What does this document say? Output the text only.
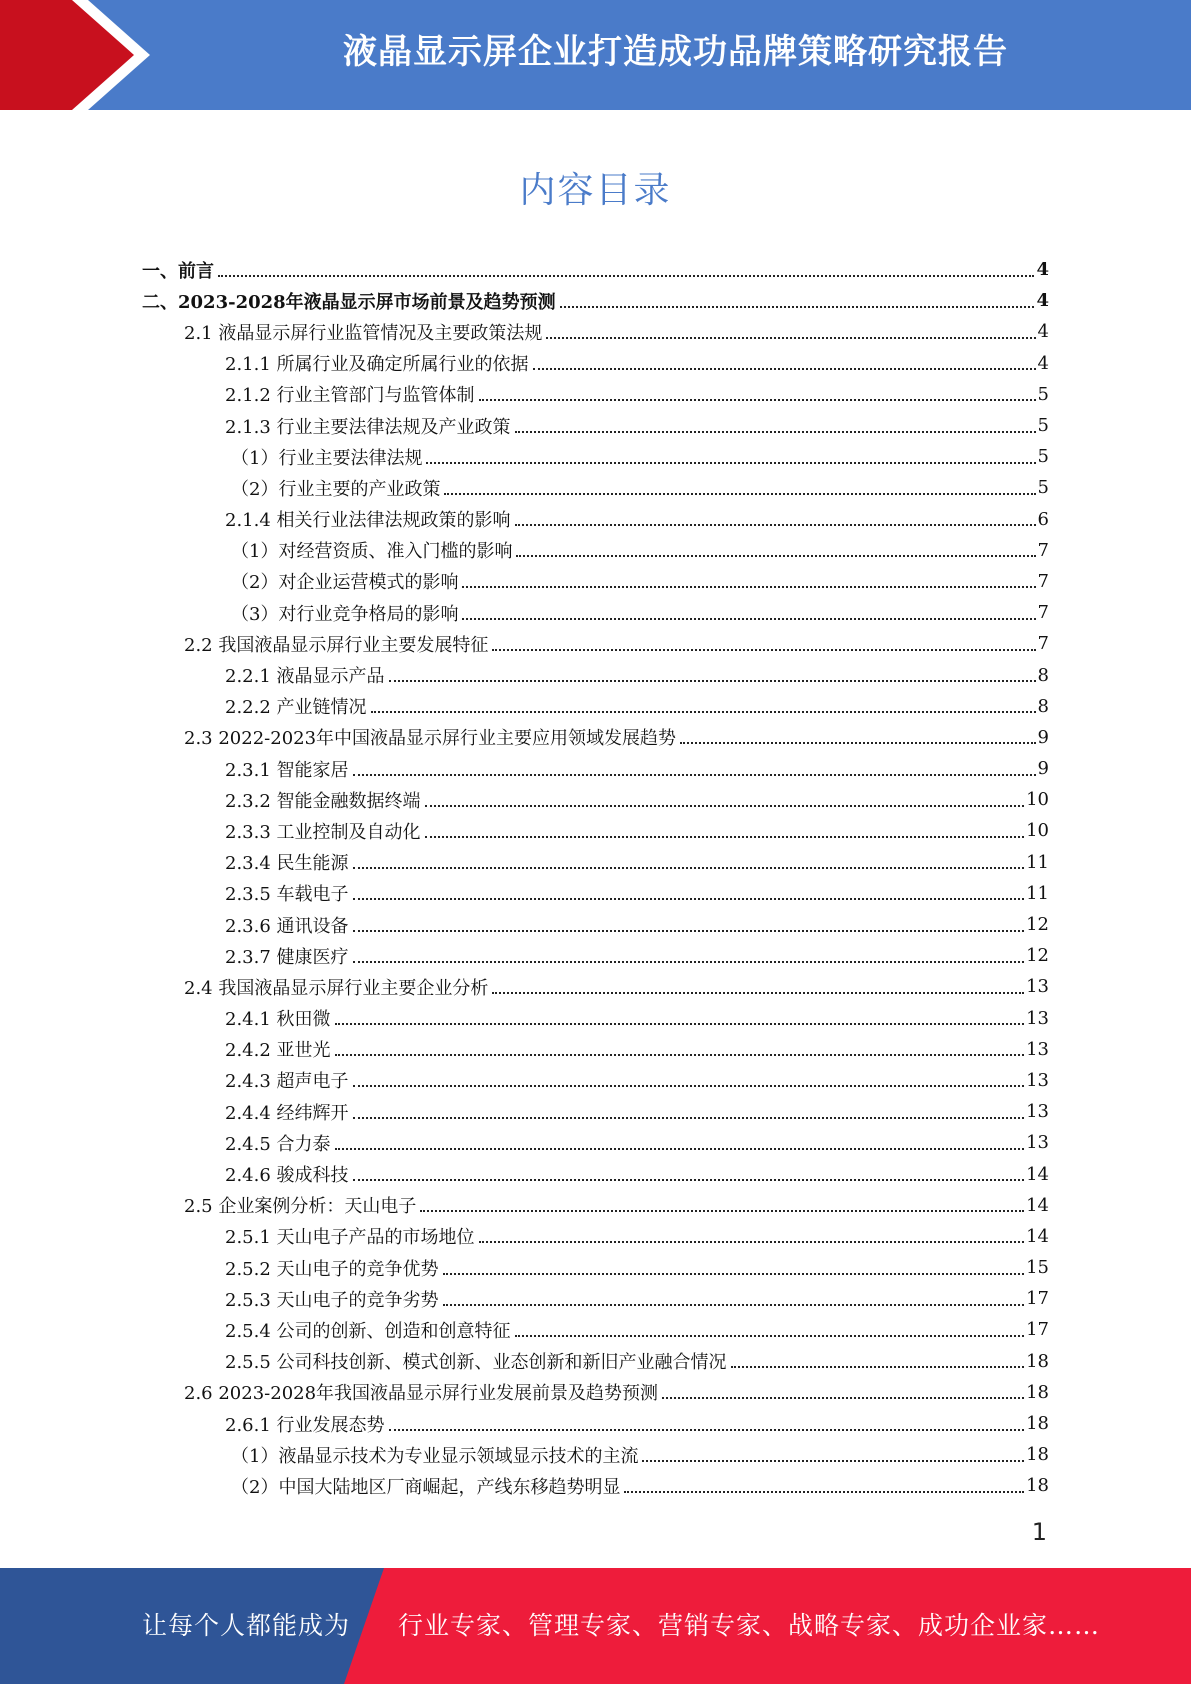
液晶显示屏企业打造成功品牌策略研究报告
内容目录
一、前言	4
二、2023-2028年液晶显示屏市场前景及趋势预测	4
2.1 液晶显示屏行业监管情况及主要政策法规	4
2.1.1 所属行业及确定所属行业的依据	4
2.1.2 行业主管部门与监管体制	5
2.1.3 行业主要法律法规及产业政策	5
（1）行业主要法律法规	5
（2）行业主要的产业政策	5
2.1.4 相关行业法律法规政策的影响	6
（1）对经营资质、准入门槛的影响	7
（2）对企业运营模式的影响	7
（3）对行业竞争格局的影响	7
2.2 我国液晶显示屏行业主要发展特征	7
2.2.1 液晶显示产品	8
2.2.2 产业链情况	8
2.3 2022-2023年中国液晶显示屏行业主要应用领域发展趋势	9
2.3.1 智能家居	9
2.3.2 智能金融数据终端	10
2.3.3 工业控制及自动化	10
2.3.4 民生能源	11
2.3.5 车载电子	11
2.3.6 通讯设备	12
2.3.7 健康医疗	12
2.4 我国液晶显示屏行业主要企业分析	13
2.4.1 秋田微	13
2.4.2 亚世光	13
2.4.3 超声电子	13
2.4.4 经纬辉开	13
2.4.5 合力泰	13
2.4.6 骏成科技	14
2.5 企业案例分析：天山电子	14
2.5.1 天山电子产品的市场地位	14
2.5.2 天山电子的竞争优势	15
2.5.3 天山电子的竞争劣势	17
2.5.4 公司的创新、创造和创意特征	17
2.5.5 公司科技创新、模式创新、业态创新和新旧产业融合情况	18
2.6 2023-2028年我国液晶显示屏行业发展前景及趋势预测	18
2.6.1 行业发展态势	18
（1）液晶显示技术为专业显示领域显示技术的主流	18
（2）中国大陆地区厂商崛起，产线东移趋势明显	18
1
让每个人都能成为 行业专家、管理专家、营销专家、战略专家、成功企业家……
